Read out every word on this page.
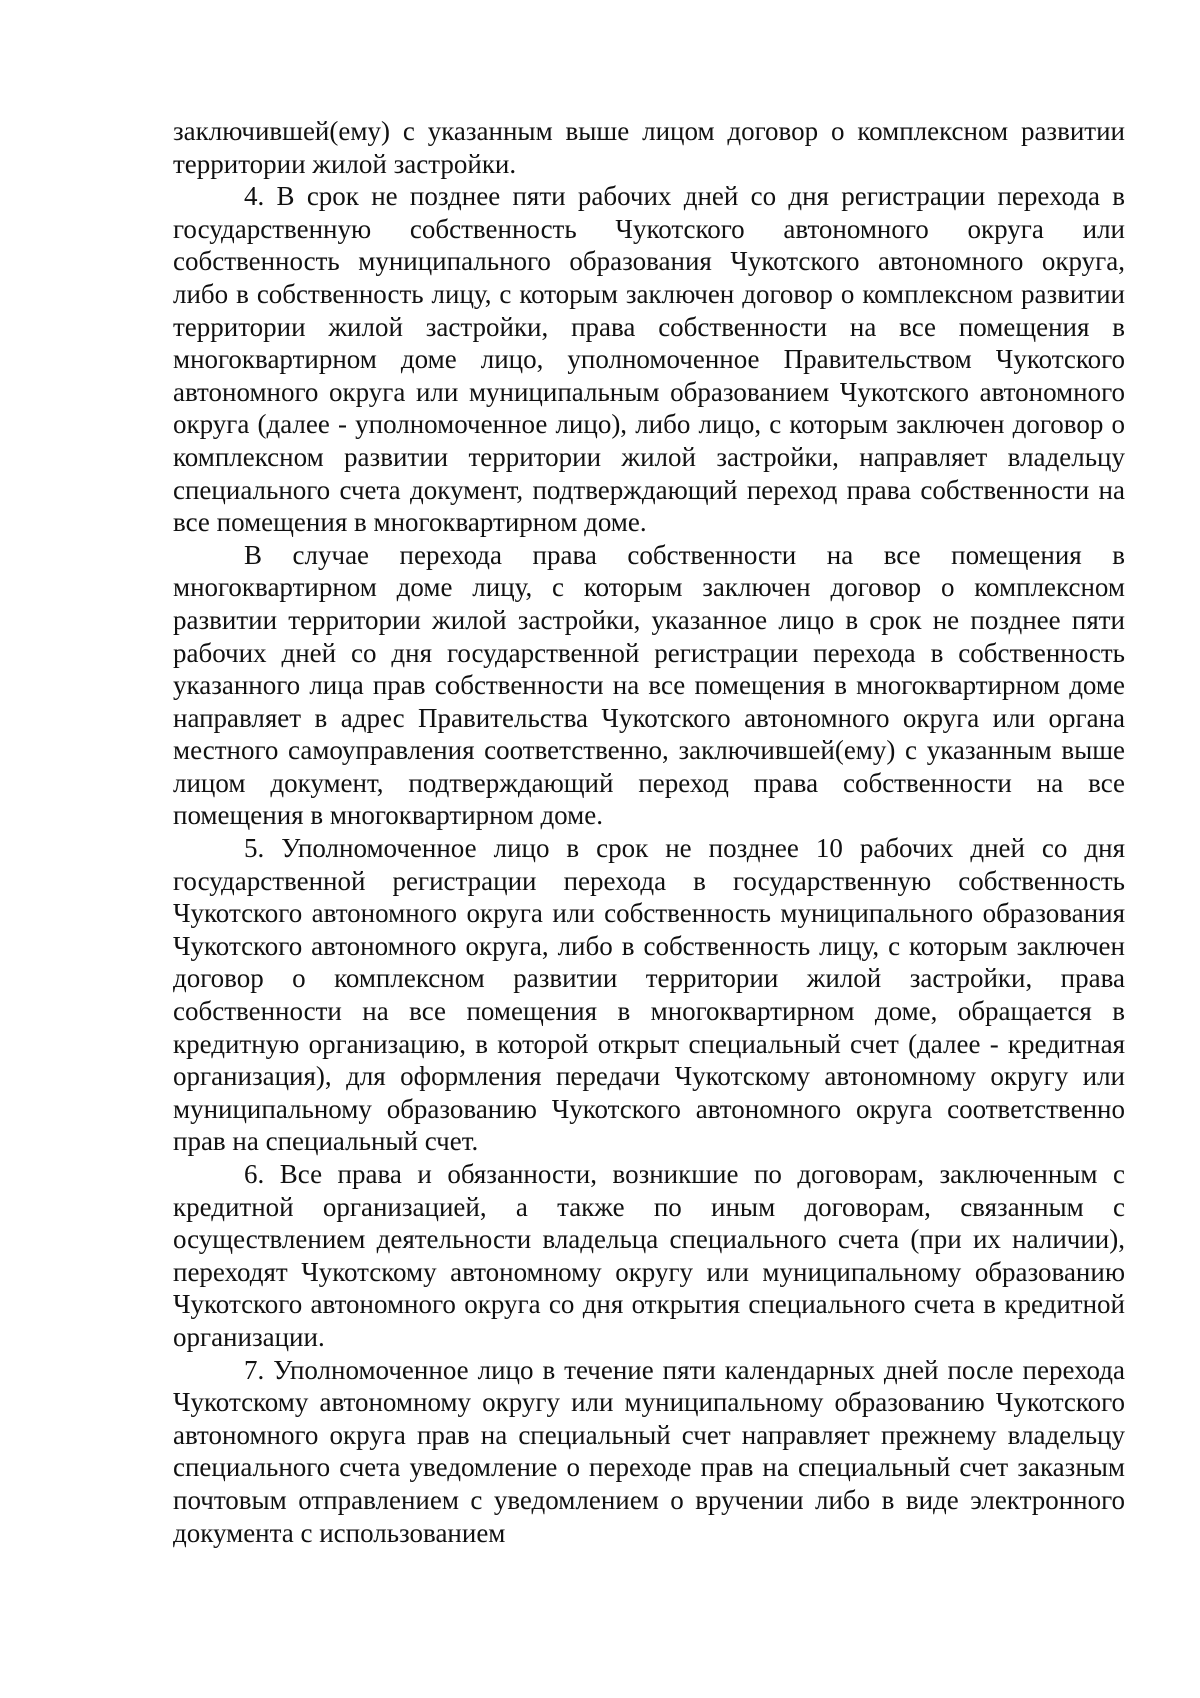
заключившей(ему) с указанным выше лицом договор о комплексном развитии территории жилой застройки.

4. В срок не позднее пяти рабочих дней со дня регистрации перехода в государственную собственность Чукотского автономного округа или собственность муниципального образования Чукотского автономного округа, либо в собственность лицу, с которым заключен договор о комплексном развитии территории жилой застройки, права собственности на все помещения в многоквартирном доме лицо, уполномоченное Правительством Чукотского автономного округа или муниципальным образованием Чукотского автономного округа (далее - уполномоченное лицо), либо лицо, с которым заключен договор о комплексном развитии территории жилой застройки, направляет владельцу специального счета документ, подтверждающий переход права собственности на все помещения в многоквартирном доме.

В случае перехода права собственности на все помещения в многоквартирном доме лицу, с которым заключен договор о комплексном развитии территории жилой застройки, указанное лицо в срок не позднее пяти рабочих дней со дня государственной регистрации перехода в собственность указанного лица прав собственности на все помещения в многоквартирном доме направляет в адрес Правительства Чукотского автономного округа или органа местного самоуправления соответственно, заключившей(ему) с указанным выше лицом документ, подтверждающий переход права собственности на все помещения в многоквартирном доме.

5. Уполномоченное лицо в срок не позднее 10 рабочих дней со дня государственной регистрации перехода в государственную собственность Чукотского автономного округа или собственность муниципального образования Чукотского автономного округа, либо в собственность лицу, с которым заключен договор о комплексном развитии территории жилой застройки, права собственности на все помещения в многоквартирном доме, обращается в кредитную организацию, в которой открыт специальный счет (далее - кредитная организация), для оформления передачи Чукотскому автономному округу или муниципальному образованию Чукотского автономного округа соответственно прав на специальный счет.

6. Все права и обязанности, возникшие по договорам, заключенным с кредитной организацией, а также по иным договорам, связанным с осуществлением деятельности владельца специального счета (при их наличии), переходят Чукотскому автономному округу или муниципальному образованию Чукотского автономного округа со дня открытия специального счета в кредитной организации.

7. Уполномоченное лицо в течение пяти календарных дней после перехода Чукотскому автономному округу или муниципальному образованию Чукотского автономного округа прав на специальный счет направляет прежнему владельцу специального счета уведомление о переходе прав на специальный счет заказным почтовым отправлением с уведомлением о вручении либо в виде электронного документа с использованием
